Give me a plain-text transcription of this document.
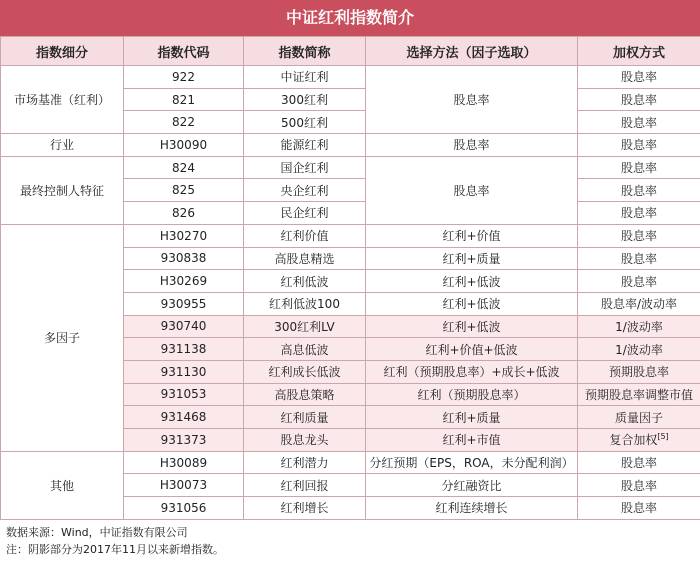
中证红利指数简介
指数细分	指数代码	指数简称	选择方法（因子选取）	加权方式
市场基准（红利）	922	中证红利	股息率	股息率
	821	300红利		股息率
	822	500红利		股息率
行业	H30090	能源红利	股息率	股息率
最终控制人特征	824	国企红利	股息率	股息率
	825	央企红利		股息率
	826	民企红利		股息率
多因子	H30270	红利价值	红利+价值	股息率
	930838	高股息精选	红利+质量	股息率
	H30269	红利低波	红利+低波	股息率
	930955	红利低波100	红利+低波	股息率/波动率
	930740	300红利LV	红利+低波	1/波动率
	931138	高息低波	红利+价值+低波	1/波动率
	931130	红利成长低波	红利（预期股息率）+成长+低波	预期股息率
	931053	高股息策略	红利（预期股息率）	预期股息率调整市值
	931468	红利质量	红利+质量	质量因子
	931373	股息龙头	红利+市值	复合加权[5]
其他	H30089	红利潜力	分红预期（EPS，ROA，未分配利润）	股息率
	H30073	红利回报	分红融资比	股息率
	931056	红利增长	红利连续增长	股息率
数据来源：Wind，中证指数有限公司
注：阴影部分为2017年11月以来新增指数。
